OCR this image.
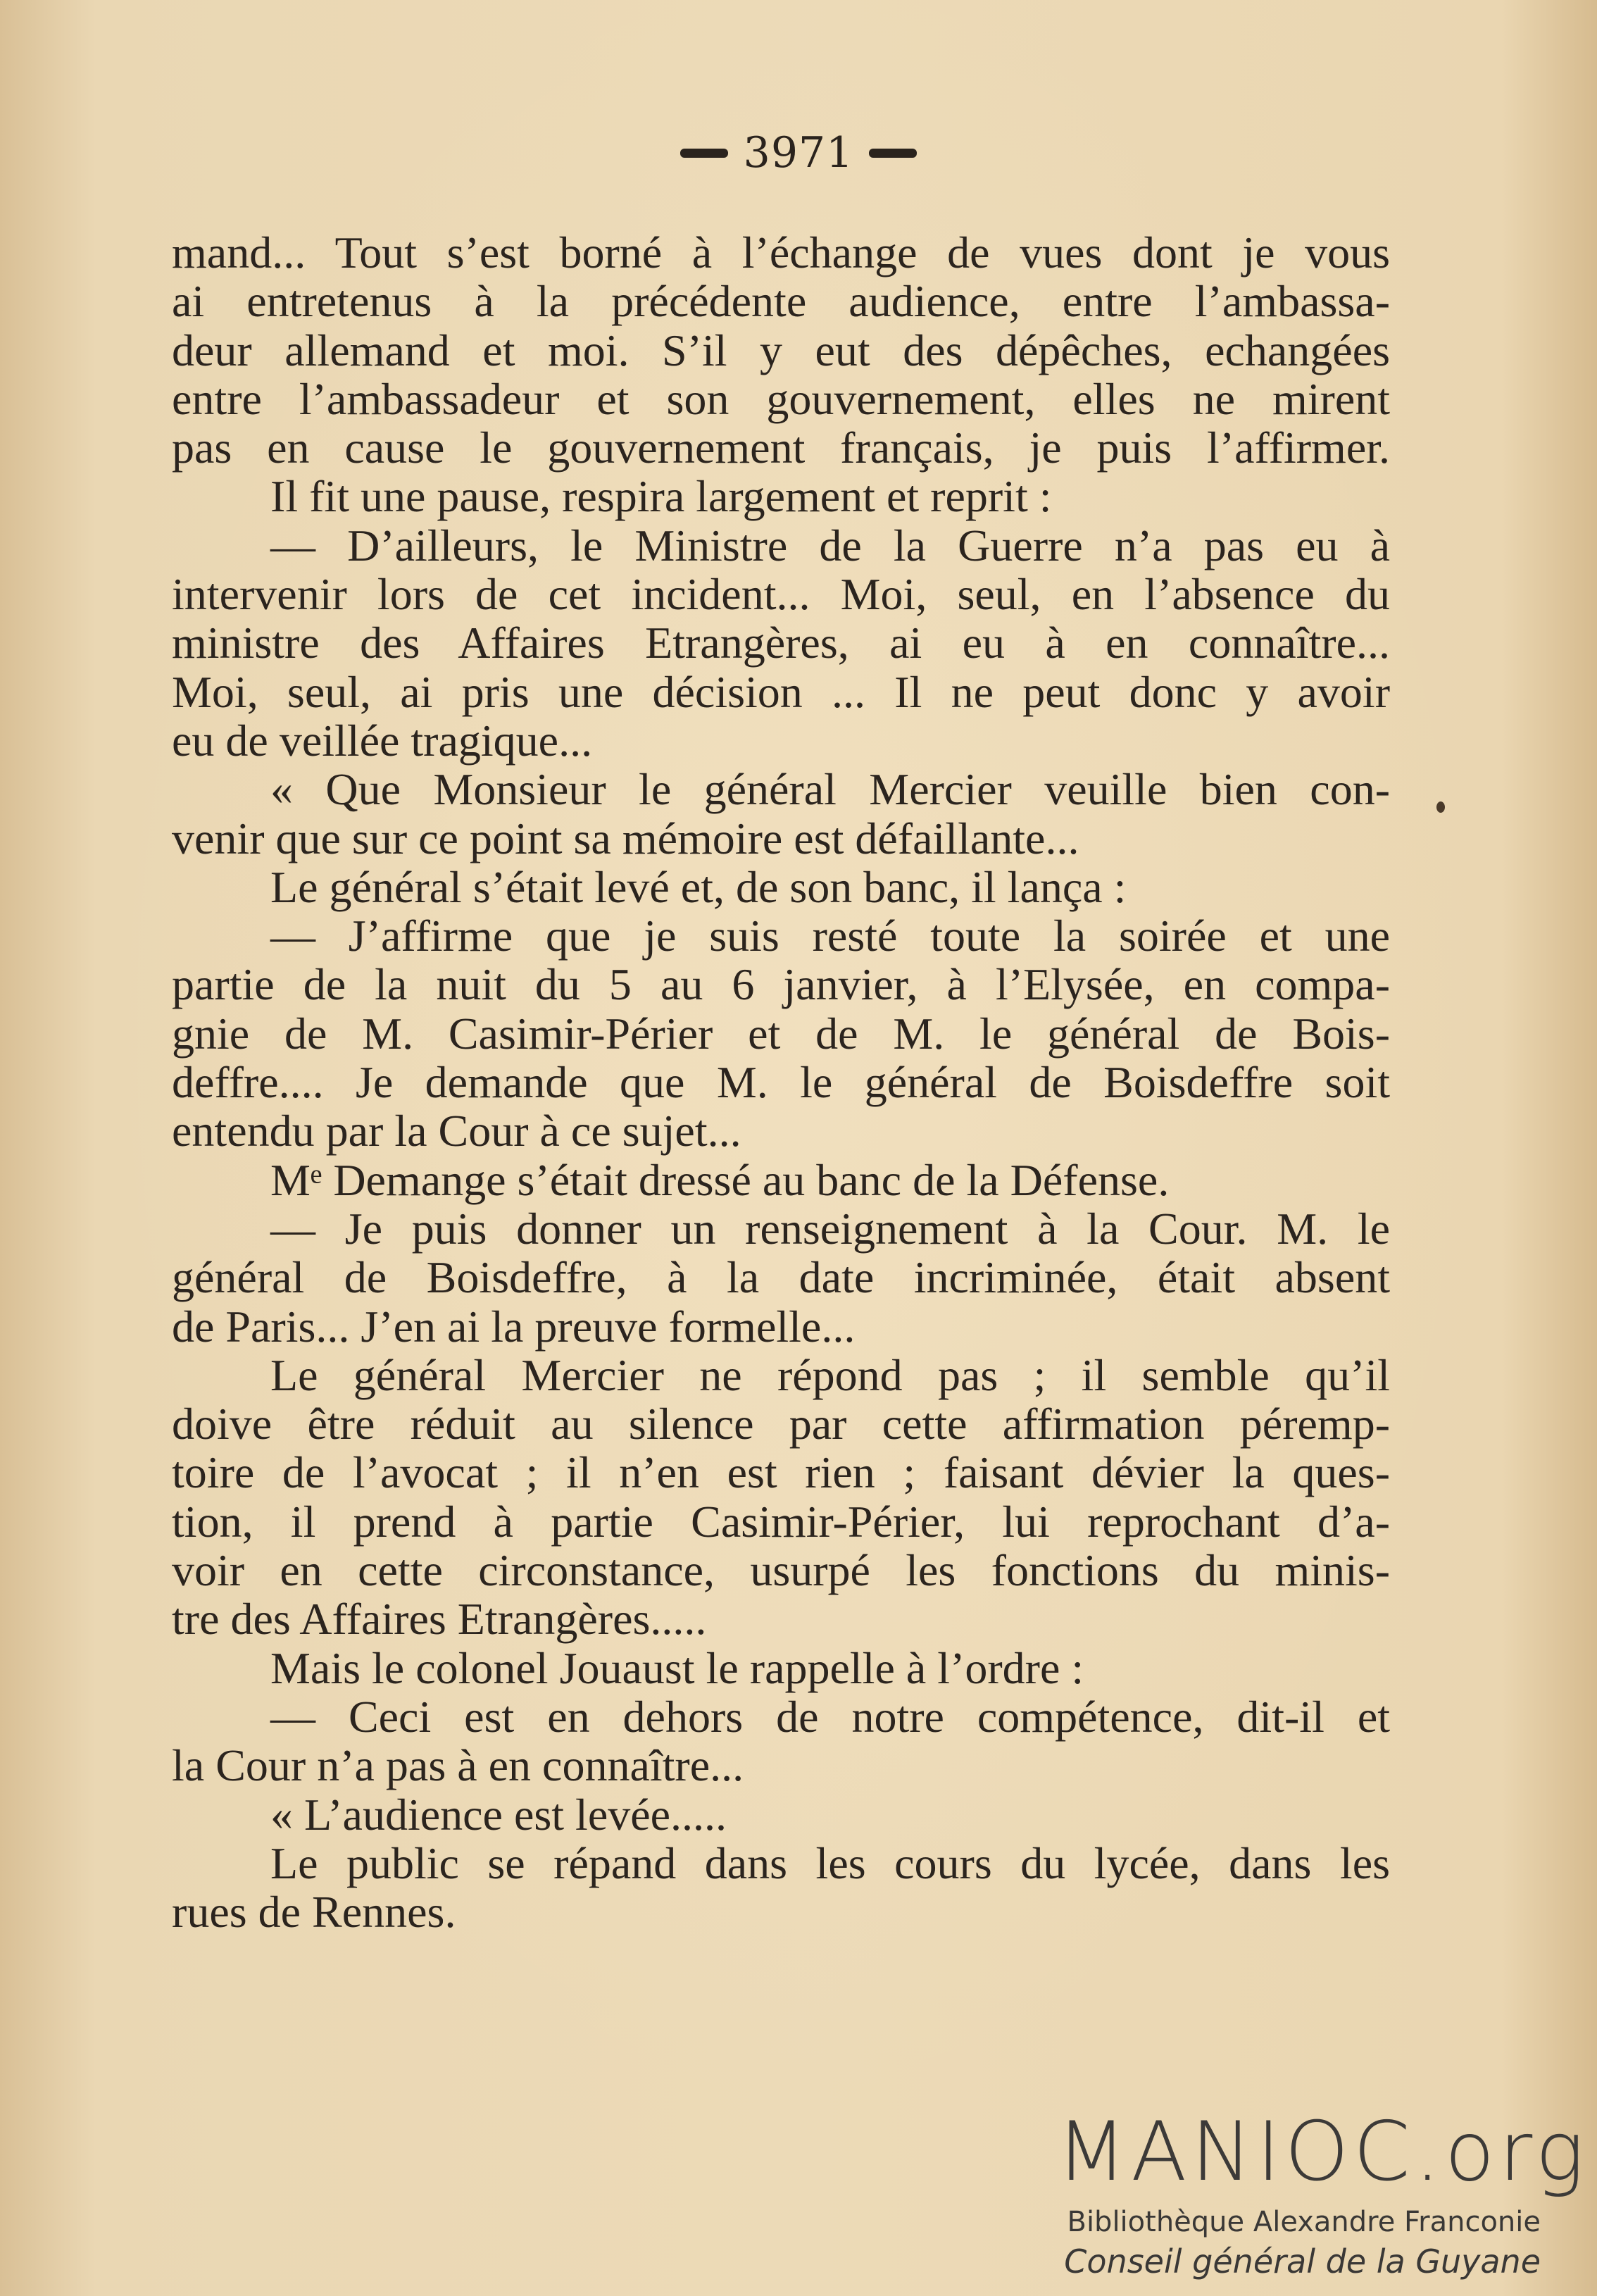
3971
mand... Tout s’est borné à l’échange de vues dont je vous
ai entretenus à la précédente audience, entre l’ambassa-
deur allemand et moi. S’il y eut des dépêches, echangées
entre l’ambassadeur et son gouvernement, elles ne mirent
pas en cause le gouvernement français, je puis l’affirmer.
Il fit une pause, respira largement et reprit :
— D’ailleurs, le Ministre de la Guerre n’a pas eu à
intervenir lors de cet incident... Moi, seul, en l’absence du
ministre des Affaires Etrangères, ai eu à en connaître...
Moi, seul, ai pris une décision ... Il ne peut donc y avoir
eu de veillée tragique...
« Que Monsieur le général Mercier veuille bien con-
venir que sur ce point sa mémoire est défaillante...
Le général s’était levé et, de son banc, il lança :
— J’affirme que je suis resté toute la soirée et une
partie de la nuit du 5 au 6 janvier, à l’Elysée, en compa-
gnie de M. Casimir-Périer et de M. le général de Bois-
deffre.... Je demande que M. le général de Boisdeffre soit
entendu par la Cour à ce sujet...
Mᵉ Demange s’était dressé au banc de la Défense.
— Je puis donner un renseignement à la Cour. M. le
général de Boisdeffre, à la date incriminée, était absent
de Paris... J’en ai la preuve formelle...
Le général Mercier ne répond pas ; il semble qu’il
doive être réduit au silence par cette affirmation péremp-
toire de l’avocat ; il n’en est rien ; faisant dévier la ques-
tion, il prend à partie Casimir-Périer, lui reprochant d’a-
voir en cette circonstance, usurpé les fonctions du minis-
tre des Affaires Etrangères.....
Mais le colonel Jouaust le rappelle à l’ordre :
— Ceci est en dehors de notre compétence, dit-il et
la Cour n’a pas à en connaître...
« L’audience est levée.....
Le public se répand dans les cours du lycée, dans les
rues de Rennes.
MANIOC.org
Bibliothèque Alexandre Franconie
Conseil général de la Guyane
